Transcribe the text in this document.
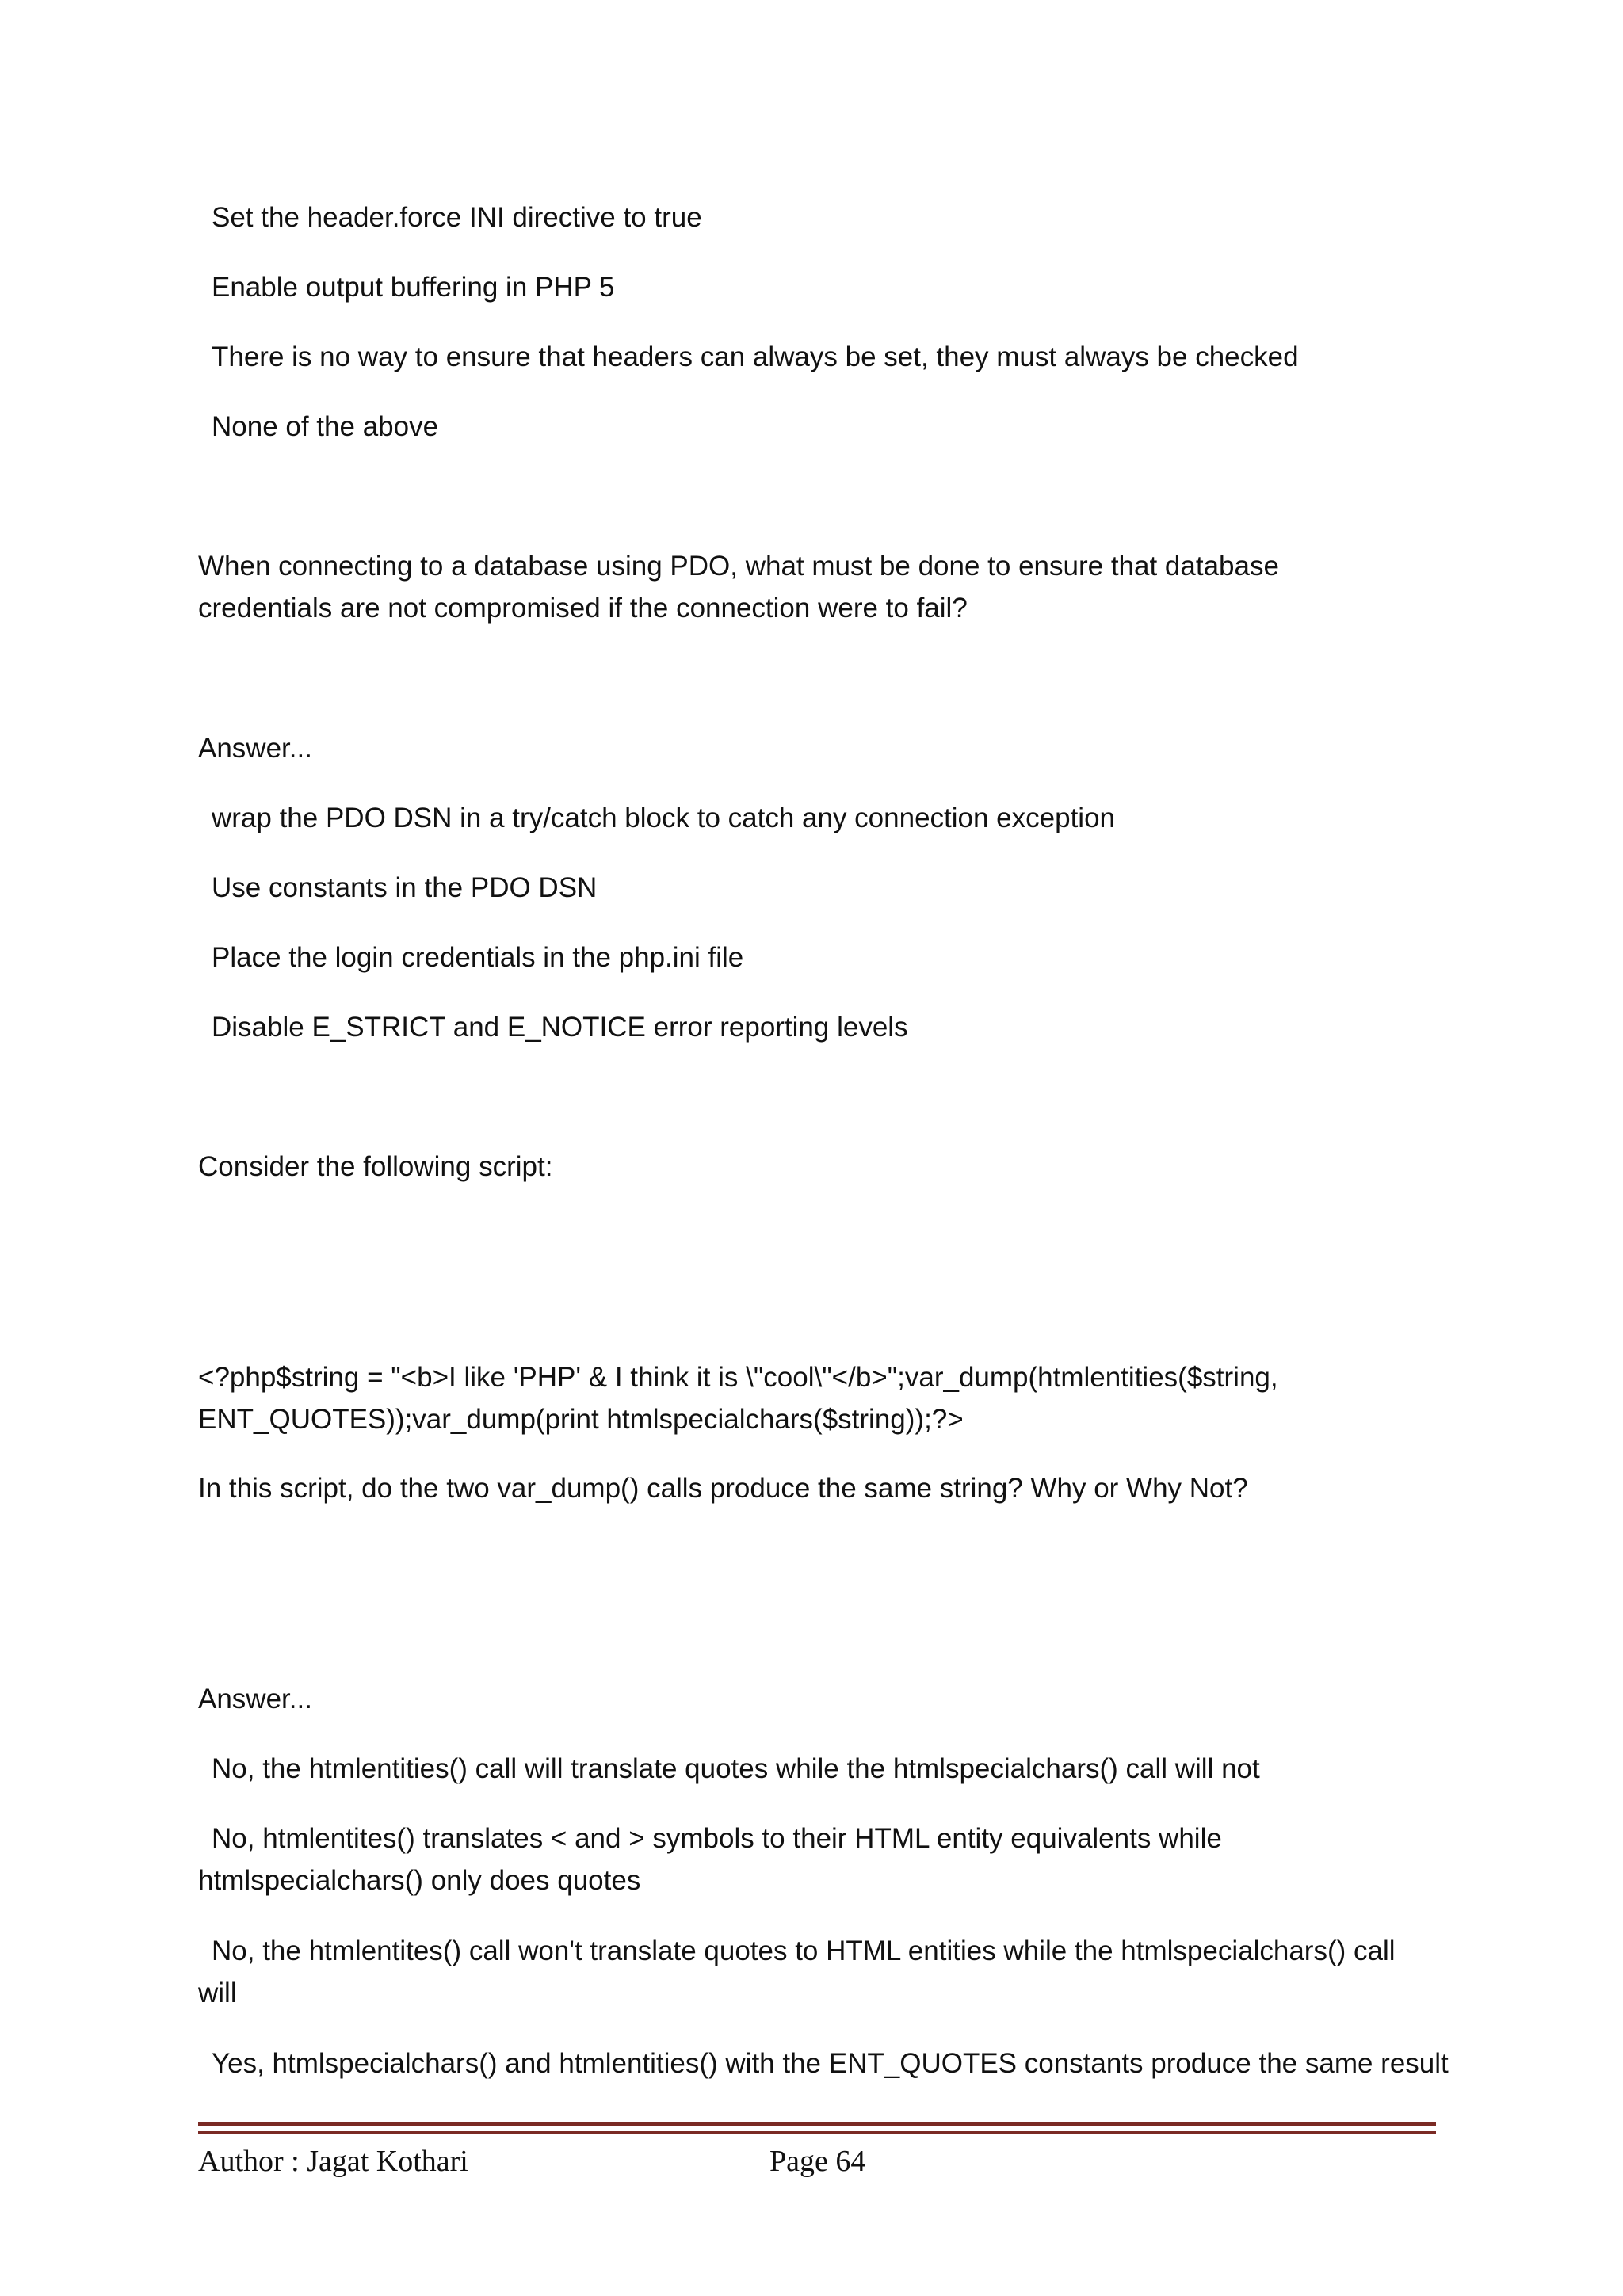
Set the header.force INI directive to true
Enable output buffering in PHP 5
There is no way to ensure that headers can always be set, they must always be checked
None of the above
When connecting to a database using PDO, what must be done to ensure that database credentials are not compromised if the connection were to fail?
Answer...
wrap the PDO DSN in a try/catch block to catch any connection exception
Use constants in the PDO DSN
Place the login credentials in the php.ini file
Disable E_STRICT and E_NOTICE error reporting levels
Consider the following script:
<?php$string = "<b>I like 'PHP' & I think it is \"cool\"</b>";var_dump(htmlentities($string, ENT_QUOTES));var_dump(print htmlspecialchars($string));?>
In this script, do the two var_dump() calls produce the same string? Why or Why Not?
Answer...
No, the htmlentities() call will translate quotes while the htmlspecialchars() call will not
No, htmlentites() translates < and > symbols to their HTML entity equivalents while htmlspecialchars() only does quotes
No, the htmlentites() call won't translate quotes to HTML entities while the htmlspecialchars() call will
Yes, htmlspecialchars() and htmlentities() with the ENT_QUOTES constants produce the same result
Author : Jagat Kothari	Page 64
